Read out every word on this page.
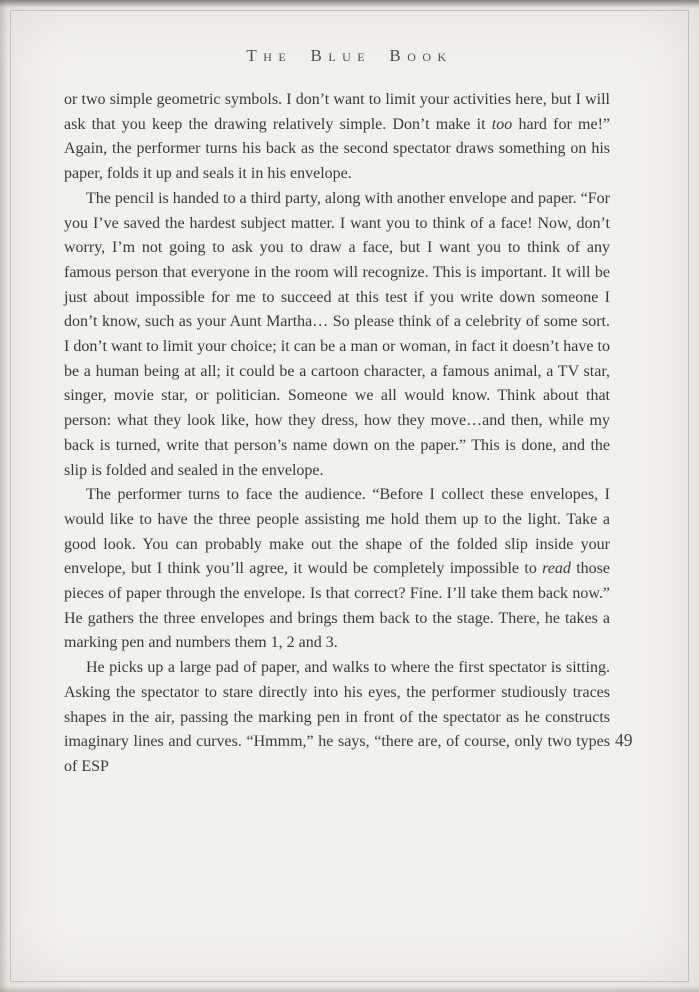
The Blue Book

or two simple geometric symbols. I don’t want to limit your activities here, but I will ask that you keep the drawing relatively simple. Don’t make it too hard for me!” Again, the performer turns his back as the second spectator draws something on his paper, folds it up and seals it in his envelope.

The pencil is handed to a third party, along with another envelope and paper. “For you I’ve saved the hardest subject matter. I want you to think of a face! Now, don’t worry, I’m not going to ask you to draw a face, but I want you to think of any famous person that everyone in the room will recognize. This is important. It will be just about impossible for me to succeed at this test if you write down someone I don’t know, such as your Aunt Martha… So please think of a celebrity of some sort. I don’t want to limit your choice; it can be a man or woman, in fact it doesn’t have to be a human being at all; it could be a cartoon character, a famous animal, a TV star, singer, movie star, or politician. Someone we all would know. Think about that person: what they look like, how they dress, how they move…and then, while my back is turned, write that person’s name down on the paper.” This is done, and the slip is folded and sealed in the envelope.

The performer turns to face the audience. “Before I collect these envelopes, I would like to have the three people assisting me hold them up to the light. Take a good look. You can probably make out the shape of the folded slip inside your envelope, but I think you’ll agree, it would be completely impossible to read those pieces of paper through the envelope. Is that correct? Fine. I’ll take them back now.” He gathers the three envelopes and brings them back to the stage. There, he takes a marking pen and numbers them 1, 2 and 3.

He picks up a large pad of paper, and walks to where the first spectator is sitting. Asking the spectator to stare directly into his eyes, the performer studiously traces shapes in the air, passing the marking pen in front of the spectator as he constructs imaginary lines and curves. “Hmmm,” he says, “there are, of course, only two types of ESP

49
